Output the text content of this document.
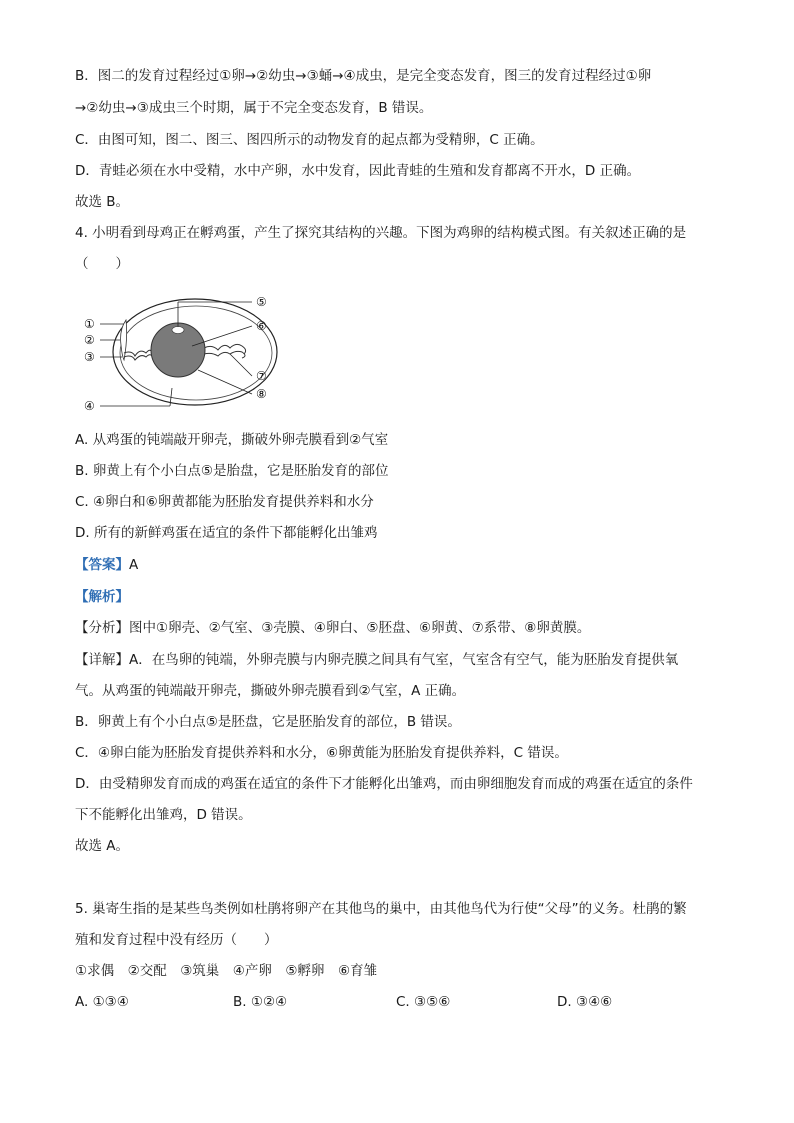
B．图二的发育过程经过①卵→②幼虫→③蛹→④成虫，是完全变态发育，图三的发育过程经过①卵
→②幼虫→③成虫三个时期，属于不完全变态发育，B 错误。
C．由图可知，图二、图三、图四所示的动物发育的起点都为受精卵，C 正确。
D．青蛙必须在水中受精，水中产卵，水中发育，因此青蛙的生殖和发育都离不开水，D 正确。
故选 B。
4. 小明看到母鸡正在孵鸡蛋，产生了探究其结构的兴趣。下图为鸡卵的结构模式图。有关叙述正确的是
（　　）
①
②
③
④
⑤
⑥
⑦
⑧
A. 从鸡蛋的钝端敲开卵壳，撕破外卵壳膜看到②气室
B. 卵黄上有个小白点⑤是胎盘，它是胚胎发育的部位
C. ④卵白和⑥卵黄都能为胚胎发育提供养料和水分
D. 所有的新鲜鸡蛋在适宜的条件下都能孵化出雏鸡
【答案】A
【解析】
【分析】图中①卵壳、②气室、③壳膜、④卵白、⑤胚盘、⑥卵黄、⑦系带、⑧卵黄膜。
【详解】A．在鸟卵的钝端，外卵壳膜与内卵壳膜之间具有气室，气室含有空气，能为胚胎发育提供氧
气。从鸡蛋的钝端敲开卵壳，撕破外卵壳膜看到②气室，A 正确。
B．卵黄上有个小白点⑤是胚盘，它是胚胎发育的部位，B 错误。
C．④卵白能为胚胎发育提供养料和水分，⑥卵黄能为胚胎发育提供养料，C 错误。
D．由受精卵发育而成的鸡蛋在适宜的条件下才能孵化出雏鸡，而由卵细胞发育而成的鸡蛋在适宜的条件
下不能孵化出雏鸡，D 错误。
故选 A。
5. 巢寄生指的是某些鸟类例如杜鹃将卵产在其他鸟的巢中，由其他鸟代为行使“父母”的义务。杜鹃的繁
殖和发育过程中没有经历（　　）
①求偶　②交配　③筑巢　④产卵　⑤孵卵　⑥育雏
A. ①③④	B. ①②④	C. ③⑤⑥	D. ③④⑥
